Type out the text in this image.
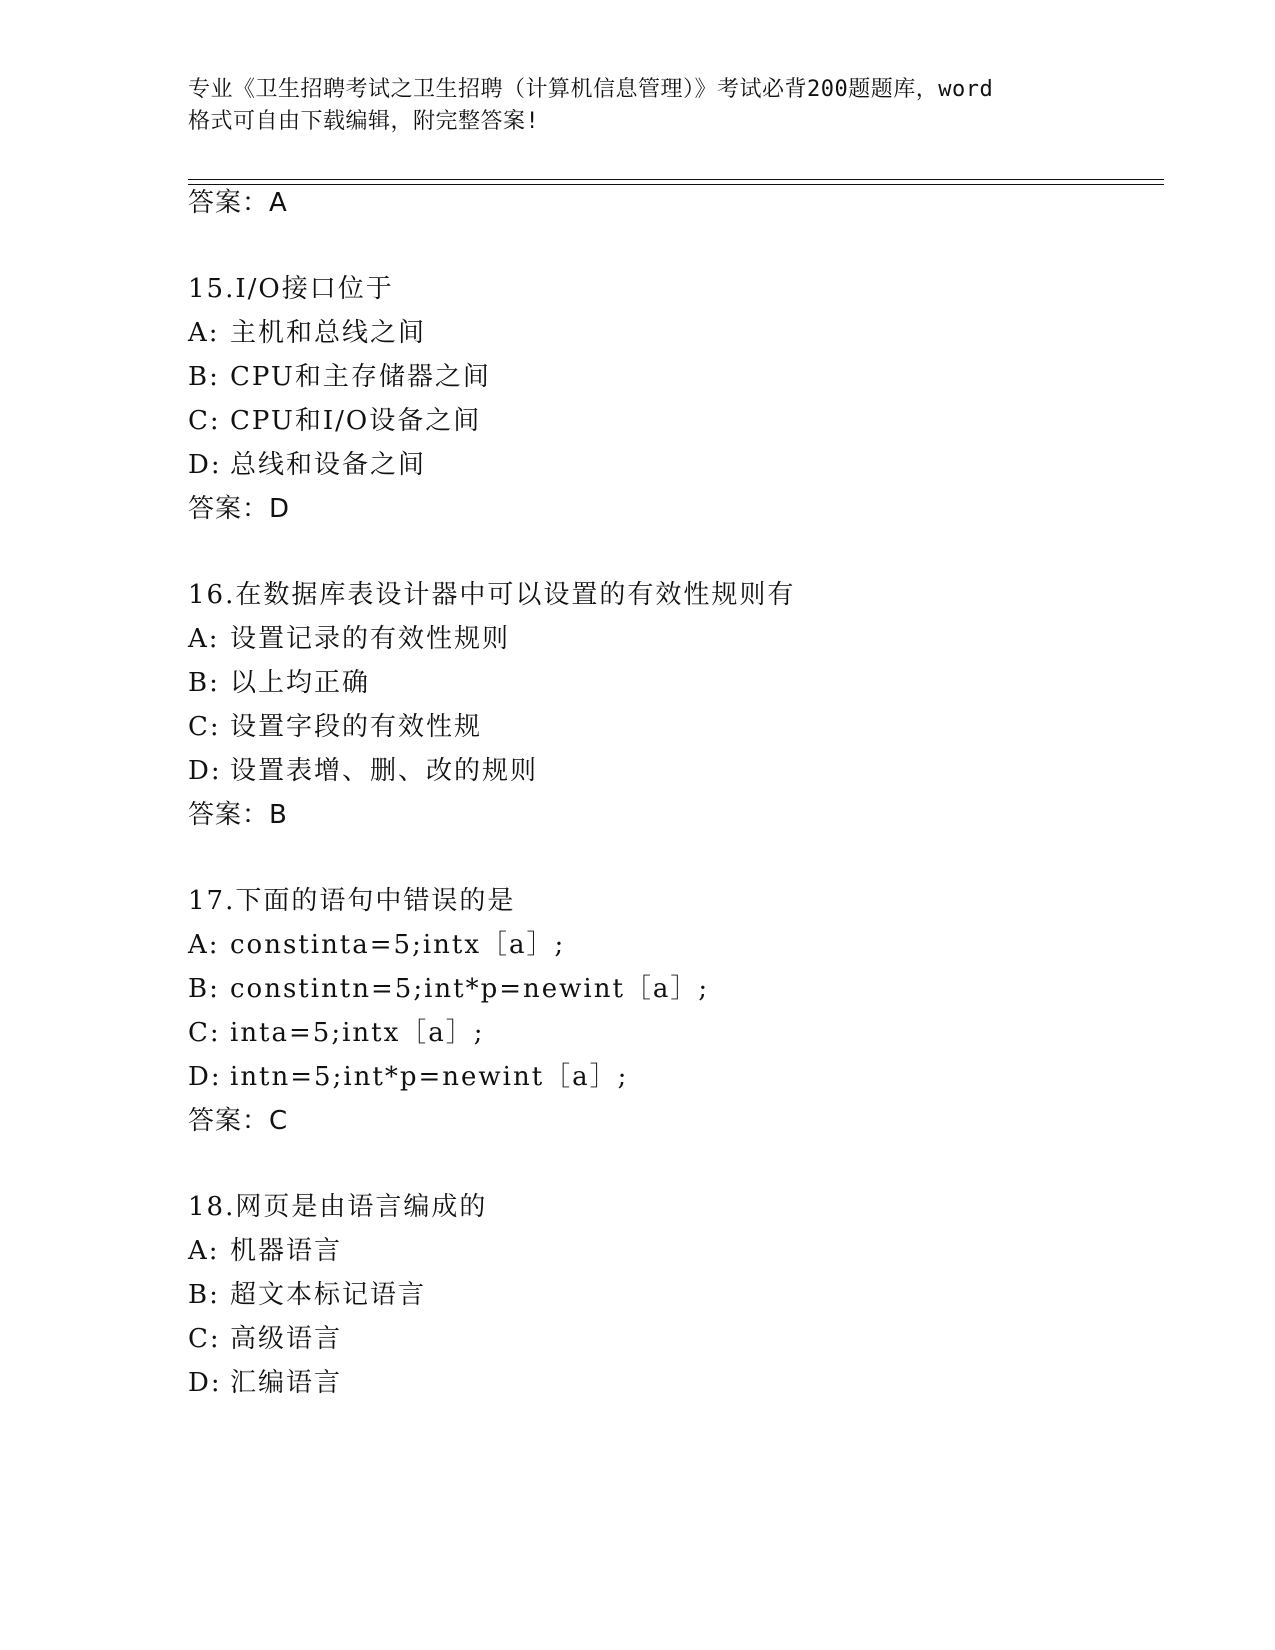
专业《卫生招聘考试之卫生招聘（计算机信息管理）》考试必背200题题库，word
格式可自由下载编辑，附完整答案!
答案：A
15.I/O接口位于
A: 主机和总线之间
B: CPU和主存储器之间
C: CPU和I/O设备之间
D: 总线和设备之间
答案：D
16.在数据库表设计器中可以设置的有效性规则有
A: 设置记录的有效性规则
B: 以上均正确
C: 设置字段的有效性规
D: 设置表增、删、改的规则
答案：B
17.下面的语句中错误的是
A: constinta=5;intx［a］;
B: constintn=5;int*p=newint［a］;
C: inta=5;intx［a］;
D: intn=5;int*p=newint［a］;
答案：C
18.网页是由语言编成的
A: 机器语言
B: 超文本标记语言
C: 高级语言
D: 汇编语言
